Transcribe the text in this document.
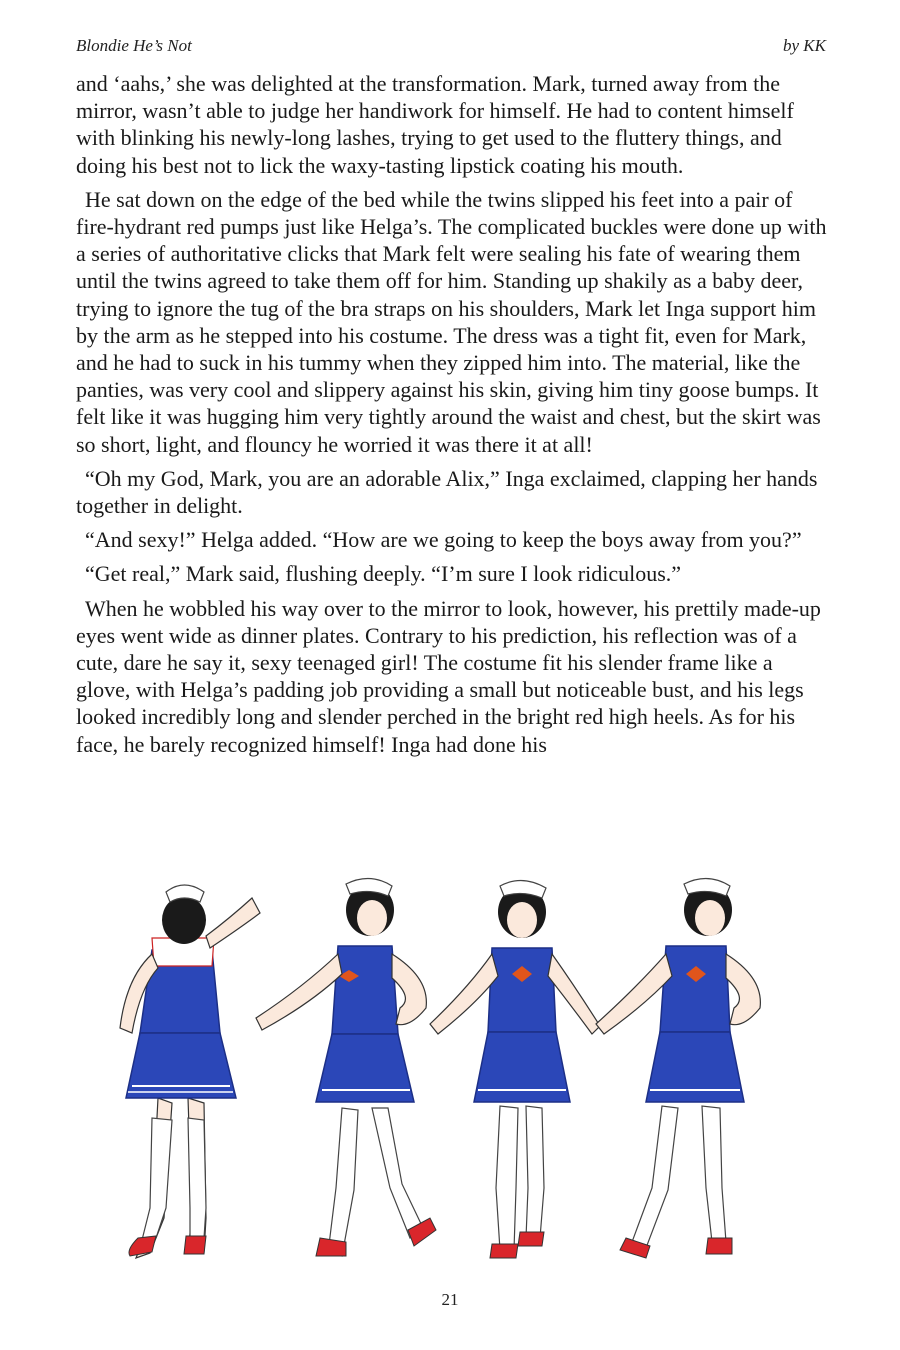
Blondie He’s Not	by KK

and ‘aahs,’ she was delighted at the transformation. Mark, turned away from the mirror, wasn’t able to judge her handiwork for himself. He had to content himself with blinking his newly-long lashes, trying to get used to the fluttery things, and doing his best not to lick the waxy-tasting lipstick coating his mouth.

He sat down on the edge of the bed while the twins slipped his feet into a pair of fire-hydrant red pumps just like Helga’s. The complicated buckles were done up with a series of authoritative clicks that Mark felt were sealing his fate of wearing them until the twins agreed to take them off for him. Standing up shakily as a baby deer, trying to ignore the tug of the bra straps on his shoulders, Mark let Inga support him by the arm as he stepped into his costume. The dress was a tight fit, even for Mark, and he had to suck in his tummy when they zipped him into. The material, like the panties, was very cool and slippery against his skin, giving him tiny goose bumps. It felt like it was hugging him very tightly around the waist and chest, but the skirt was so short, light, and flouncy he worried it was there it at all!

“Oh my God, Mark, you are an adorable Alix,” Inga exclaimed, clapping her hands together in delight.

“And sexy!” Helga added. “How are we going to keep the boys away from you?”

“Get real,” Mark said, flushing deeply. “I’m sure I look ridiculous.”

When he wobbled his way over to the mirror to look, however, his prettily made-up eyes went wide as dinner plates. Contrary to his prediction, his reflection was of a cute, dare he say it, sexy teenaged girl! The costume fit his slender frame like a glove, with Helga’s padding job providing a small but noticeable bust, and his legs looked incredibly long and slender perched in the bright red high heels. As for his face, he barely recognized himself! Inga had done his

21
